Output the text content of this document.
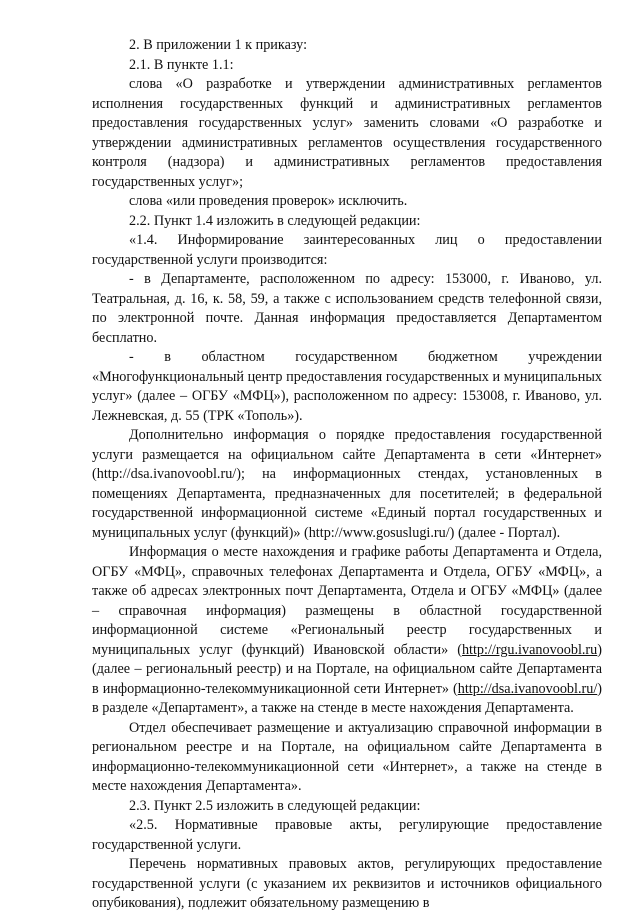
2. В приложении 1 к приказу:

2.1. В пункте 1.1:

слова «О разработке и утверждении административных регламентов исполнения государственных функций и административных регламентов предоставления государственных услуг» заменить словами «О разработке и утверждении административных регламентов осуществления государственного контроля (надзора) и административных регламентов предоставления государственных услуг»;

слова «или проведения проверок» исключить.

2.2. Пункт 1.4 изложить в следующей редакции:

«1.4. Информирование заинтересованных лиц о предоставлении государственной услуги производится:

- в Департаменте, расположенном по адресу: 153000, г. Иваново, ул. Театральная, д. 16, к. 58, 59, а также с использованием средств телефонной связи, по электронной почте. Данная информация предоставляется Департаментом бесплатно.

- в областном государственном бюджетном учреждении «Многофункциональный центр предоставления государственных и муниципальных услуг» (далее – ОГБУ «МФЦ»), расположенном по адресу: 153008, г. Иваново, ул. Лежневская, д. 55 (ТРК «Тополь»).

Дополнительно информация о порядке предоставления государственной услуги размещается на официальном сайте Департамента в сети «Интернет» (http://dsa.ivanovoobl.ru/); на информационных стендах, установленных в помещениях Департамента, предназначенных для посетителей; в федеральной государственной информационной системе «Единый портал государственных и муниципальных услуг (функций)» (http://www.gosuslugi.ru/) (далее - Портал).

Информация о месте нахождения и графике работы Департамента и Отдела, ОГБУ «МФЦ», справочных телефонах Департамента и Отдела, ОГБУ «МФЦ», а также об адресах электронных почт Департамента, Отдела и ОГБУ «МФЦ» (далее – справочная информация) размещены в областной государственной информационной системе «Региональный реестр государственных и муниципальных услуг (функций) Ивановской области» (http://rgu.ivanovoobl.ru) (далее – региональный реестр) и на Портале, на официальном сайте Департамента в информационно-телекоммуникационной сети Интернет» (http://dsa.ivanovoobl.ru/) в разделе «Департамент», а также на стенде в месте нахождения Департамента.

Отдел обеспечивает размещение и актуализацию справочной информации в региональном реестре и на Портале, на официальном сайте Департамента в информационно-телекоммуникационной сети «Интернет», а также на стенде в месте нахождения Департамента».

2.3. Пункт 2.5 изложить в следующей редакции:

«2.5. Нормативные правовые акты, регулирующие предоставление государственной услуги.

Перечень нормативных правовых актов, регулирующих предоставление государственной услуги (с указанием их реквизитов и источников официального опубикования), подлежит обязательному размещению в
